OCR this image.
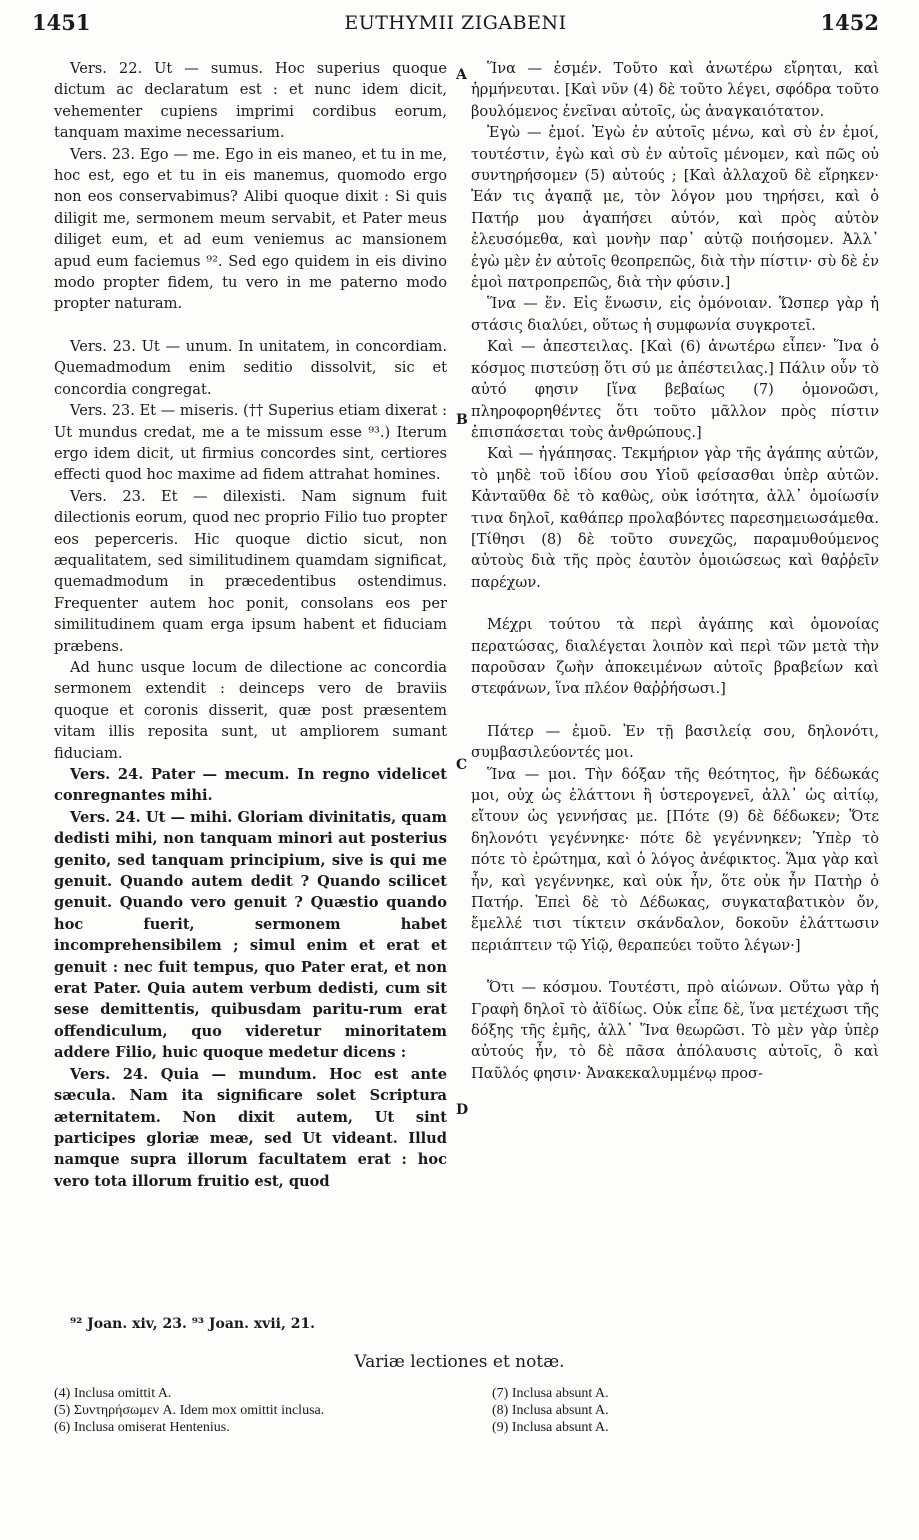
1451	EUTHYMII ZIGABENI	1452

Vers. 22. Ut — sumus. Hoc superius quoque dictum ac declaratum est : et nunc idem dicit, vehementer cupiens imprimi cordibus eorum, tanquam maxime necessarium.

Vers. 23. Ego — me. Ego in eis maneo, et tu in me, hoc est, ego et tu in eis manemus, quomodo ergo non eos conservabimus? Alibi quoque dixit : Si quis diligit me, sermonem meum servabit, et Pater meus diliget eum, et ad eum veniemus ac mansionem apud eum faciemus ⁹². Sed ego quidem in eis divino modo propter fidem, tu vero in me paterno modo propter naturam.

Vers. 23. Ut — unum. In unitatem, in concordiam. Quemadmodum enim seditio dissolvit, sic et concordia congregat.

Vers. 23. Et — miseris. (†† Superius etiam dixerat : Ut mundus credat, me a te missum esse ⁹³.) Iterum ergo idem dicit, ut firmius concordes sint, certiores effecti quod hoc maxime ad fidem attrahat homines.

Vers. 23. Et — dilexisti. Nam signum fuit dilectionis eorum, quod nec proprio Filio tuo propter eos pepercеris. Hic quoque dictio sicut, non æqualitatem, sed similitudinem quamdam significat, quemadmodum in præcedentibus ostendimus. Frequenter autem hoc ponit, consolans eos per similitudinem quam erga ipsum habent et fiduciam præbens.

Ad hunc usque locum de dilectione ac concordia sermonem extendit : deinceps vero de braviis quoque et coronis disserit, quæ post præsentem vitam illis reposita sunt, ut ampliorem sumant fiduciam.

Vers. 24. Pater — mecum. In regno videlicet conregnantes mihi.

Vers. 24. Ut — mihi. Gloriam divinitatis, quam dedisti mihi, non tanquam minori aut posterius genito, sed tanquam principium, sive is qui me genuit. Quando autem dedit ? Quando scilicet genuit. Quando vero genuit ? Quæstio quando hoc fuerit, sermonem habet incomprehensibilem ; simul enim et erat et genuit : nec fuit tempus, quo Pater erat, et non erat Pater. Quia autem verbum dedisti, cum sit sese demittentis, quibusdam paritu-rum erat offendiculum, quo videretur minoritatem addere Filio, huic quoque medetur dicens :

Vers. 24. Quia — mundum. Hoc est ante sæcula. Nam ita significare solet Scriptura æternitatem. Non dixit autem, Ut sint participes gloriæ meæ, sed Ut videant. Illud namque supra illorum facultatem erat : hoc vero tota illorum fruitio est, quod

A
B
C
D

Ἵνα — ἐσμέν. Τοῦτο καὶ ἀνωτέρω εἴρηται, καὶ ἡρμήνευται. [Καὶ νῦν (4) δὲ τοῦτο λέγει, σφόδρα τοῦτο βουλόμενος ἐνεῖναι αὐτοῖς, ὡς ἀναγκαιότατον.

Ἐγὼ — ἐμοί. Ἐγὼ ἐν αὐτοῖς μένω, καὶ σὺ ἐν ἐμοί, τουτέστιν, ἐγὼ καὶ σὺ ἐν αὐτοῖς μένομεν, καὶ πῶς οὐ συντηρήσομεν (5) αὐτούς ; [Καὶ ἀλλαχοῦ δὲ εἴρηκεν· Ἐάν τις ἀγαπᾷ με, τὸν λόγον μου τηρήσει, καὶ ὁ Πατήρ μου ἀγαπήσει αὐτόν, καὶ πρὸς αὐτὸν ἐλευσόμεθα, καὶ μονὴν παρ᾽ αὐτῷ ποιήσομεν. Ἀλλ᾽ ἐγὼ μὲν ἐν αὐτοῖς θεοπρεπῶς, διὰ τὴν πίστιν· σὺ δὲ ἐν ἐμοὶ πατροπρεπῶς, διὰ τὴν φύσιν.]

Ἵνα — ἕν. Εἰς ἕνωσιν, εἰς ὁμόνοιαν. Ὥσπερ γὰρ ἡ στάσις διαλύει, οὕτως ἡ συμφωνία συγκροτεῖ.

Καὶ — ἀπεστειλας. [Καὶ (6) ἀνωτέρω εἶπεν· Ἵνα ὁ κόσμος πιστεύσῃ ὅτι σύ με ἀπέστειλας.] Πάλιν οὖν τὸ αὐτό φησιν [ἵνα βεβαίως (7) ὁμονοῶσι, πληροφορηθέντες ὅτι τοῦτο μᾶλλον πρὸς πίστιν ἐπισπάσεται τοὺς ἀνθρώπους.]

Καὶ — ἠγάπησας. Τεκμήριον γὰρ τῆς ἀγάπης αὐτῶν, τὸ μηδὲ τοῦ ἰδίου σου Υἱοῦ φείσασθαι ὑπὲρ αὐτῶν. Κἀνταῦθα δὲ τὸ καθὼς, οὐκ ἰσότητα, ἀλλ᾽ ὁμοίωσίν τινα δηλοῖ, καθάπερ προλαβόντες παρεσημειωσάμεθα. [Τίθησι (8) δὲ τοῦτο συνεχῶς, παραμυθούμενος αὐτοὺς διὰ τῆς πρὸς ἑαυτὸν ὁμοιώσεως καὶ θαῤῥεῖν παρέχων.

Μέχρι τούτου τὰ περὶ ἀγάπης καὶ ὁμονοίας περατώσας, διαλέγεται λοιπὸν καὶ περὶ τῶν μετὰ τὴν παροῦσαν ζωὴν ἀποκειμένων αὐτοῖς βραβείων καὶ στεφάνων, ἵνα πλέον θαῤῥήσωσι.]

Πάτερ — ἐμοῦ. Ἐν τῇ βασιλείᾳ σου, δηλονότι, συμβασιλεύοντές μοι.

Ἵνα — μοι. Τὴν δόξαν τῆς θεότητος, ἣν δέδωκάς μοι, οὐχ ὡς ἐλάττονι ἢ ὑστερογενεῖ, ἀλλ᾽ ὡς αἰτίῳ, εἴτουν ὡς γεννήσας με. [Πότε (9) δὲ δέδωκεν; Ὅτε δηλονότι γεγέννηκε· πότε δὲ γεγέννηκεν; Ὑπὲρ τὸ πότε τὸ ἐρώτημα, καὶ ὁ λόγος ἀνέφικτος. Ἅμα γὰρ καὶ ἦν, καὶ γεγέννηκε, καὶ οὐκ ἦν, ὅτε οὐκ ἦν Πατὴρ ὁ Πατήρ. Ἐπεὶ δὲ τὸ Δέδωκας, συγκαταβατικὸν ὄν, ἔμελλέ τισι τίκτειν σκάνδαλον, δοκοῦν ἐλάττωσιν περιάπτειν τῷ Υἱῷ, θεραπεύει τοῦτο λέγων·]

Ὅτι — κόσμου. Τουτέστι, πρὸ αἰώνων. Οὕτω γὰρ ἡ Γραφὴ δηλοῖ τὸ ἀϊδίως. Οὐκ εἶπε δὲ, ἵνα μετέχωσι τῆς δόξης τῆς ἐμῆς, ἀλλ᾽ Ἵνα θεωρῶσι. Τὸ μὲν γὰρ ὑπὲρ αὐτούς ἦν, τὸ δὲ πᾶσα ἀπόλαυσις αὐτοῖς, ὃ καὶ Παῦλός φησιν· Ἀνακεκαλυμμένῳ προσ-

⁹² Joan. xiv, 23. ⁹³ Joan. xvii, 21.
Variæ lectiones et notæ.
(4) Inclusa omittit A.
(5) Συντηρήσωμεν A. Idem mox omittit inclusa.
(6) Inclusa omiserat Hentenius.
(7) Inclusa absunt A.
(8) Inclusa absunt A.
(9) Inclusa absunt A.
